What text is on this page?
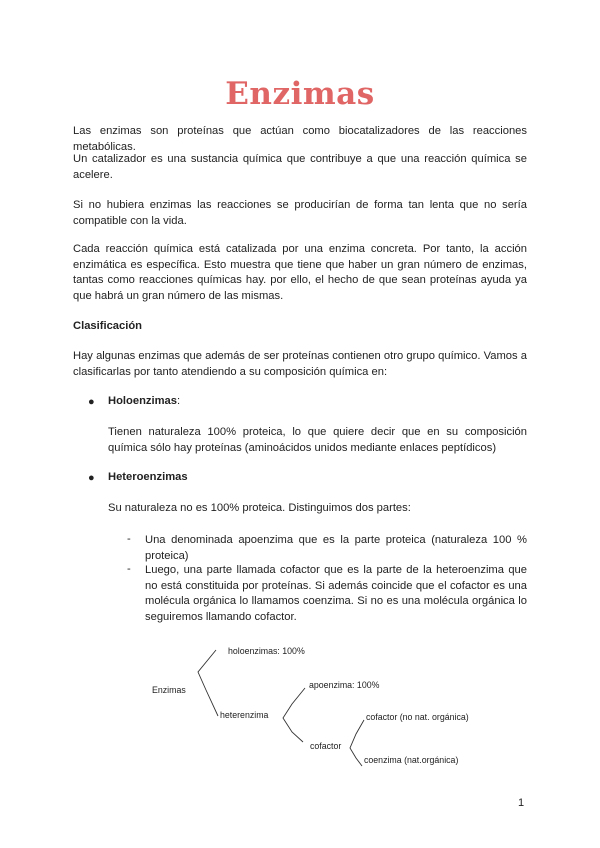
Enzimas

Las enzimas son proteínas que actúan como biocatalizadores de las reacciones metabólicas.

Un catalizador es una sustancia química que contribuye a que una reacción química se acelere.

Si no hubiera enzimas las reacciones se producirían de forma tan lenta que no sería compatible con la vida.

Cada reacción química está catalizada por una enzima concreta. Por tanto, la acción enzimática es específica. Esto muestra que tiene que haber un gran número de enzimas, tantas como reacciones químicas hay. por ello, el hecho de que sean proteínas ayuda ya que habrá un gran número de las mismas.

Clasificación

Hay algunas enzimas que además de ser proteínas contienen otro grupo químico. Vamos a clasificarlas por tanto atendiendo a su composición química en:

● Holoenzimas:

Tienen naturaleza 100% proteica, lo que quiere decir que en su composición química sólo hay proteínas (aminoácidos unidos mediante enlaces peptídicos)

● Heteroenzimas

Su naturaleza no es 100% proteica. Distinguimos dos partes:

- Una denominada apoenzima que es la parte proteica (naturaleza 100 % proteica)

- Luego, una parte llamada cofactor que es la parte de la heteroenzima que no está constituida por proteínas. Si además coincide que el cofactor es una molécula orgánica lo llamamos coenzima. Si no es una molécula orgánica lo seguiremos llamando cofactor.

Enzimas
holoenzimas: 100%
heterenzima
apoenzima: 100%
cofactor
cofactor (no nat. orgánica)
coenzima (nat.orgánica)
1
